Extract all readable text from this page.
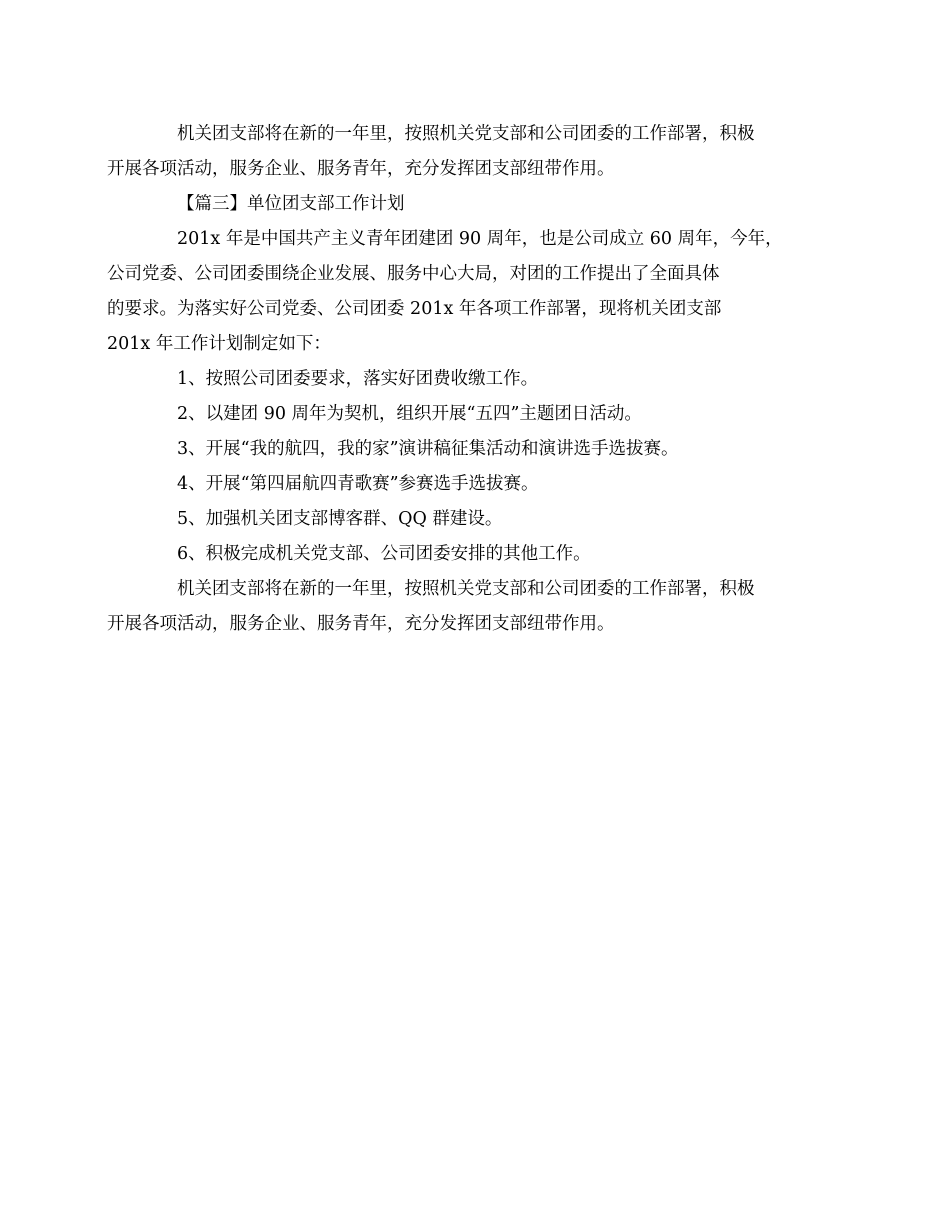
机关团支部将在新的一年里，按照机关党支部和公司团委的工作部署，积极
开展各项活动，服务企业、服务青年，充分发挥团支部纽带作用。

【篇三】单位团支部工作计划

201x 年是中国共产主义青年团建团 90 周年，也是公司成立 60 周年，今年，
公司党委、公司团委围绕企业发展、服务中心大局，对团的工作提出了全面具体
的要求。为落实好公司党委、公司团委 201x 年各项工作部署，现将机关团支部
201x 年工作计划制定如下：

1、按照公司团委要求，落实好团费收缴工作。

2、以建团 90 周年为契机，组织开展“五四”主题团日活动。

3、开展“我的航四，我的家”演讲稿征集活动和演讲选手选拔赛。

4、开展“第四届航四青歌赛”参赛选手选拔赛。

5、加强机关团支部博客群、QQ 群建设。

6、积极完成机关党支部、公司团委安排的其他工作。

机关团支部将在新的一年里，按照机关党支部和公司团委的工作部署，积极
开展各项活动，服务企业、服务青年，充分发挥团支部纽带作用。
